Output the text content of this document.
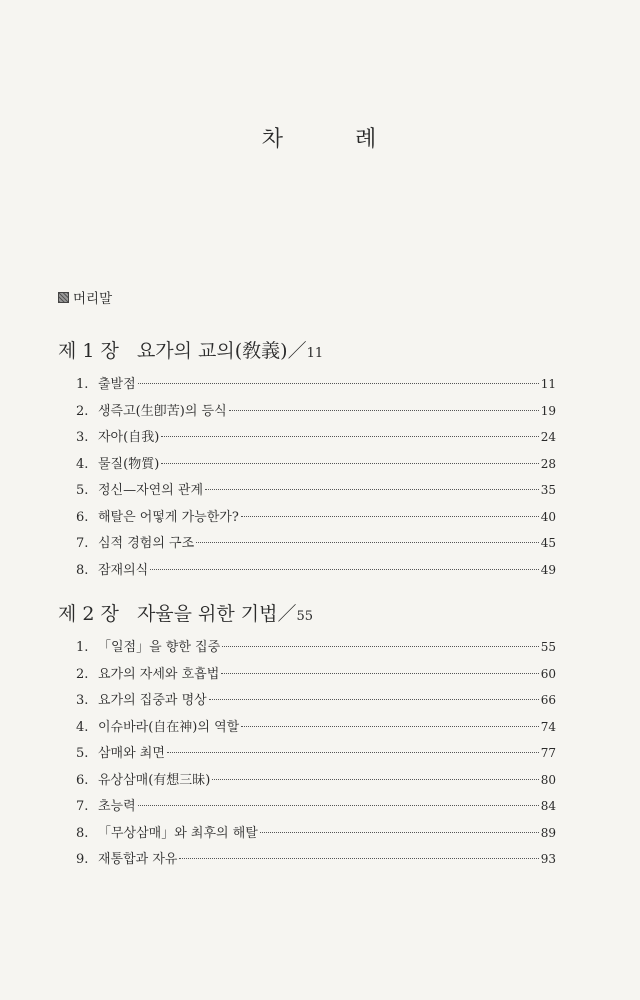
차	례
머리말
제 1 장 요가의 교의(敎義)／11
1. 출발점	11
2. 생즉고(生卽苦)의 등식	19
3. 자아(自我)	24
4. 물질(物質)	28
5. 정신—자연의 관계	35
6. 해탈은 어떻게 가능한가?	40
7. 심적 경험의 구조	45
8. 잠재의식	49
제 2 장 자율을 위한 기법／55
1. 「일점」을 향한 집중	55
2. 요가의 자세와 호흡법	60
3. 요가의 집중과 명상	66
4. 이슈바라(自在神)의 역할	74
5. 삼매와 최면	77
6. 유상삼매(有想三昧)	80
7. 초능력	84
8. 「무상삼매」와 최후의 해탈	89
9. 재통합과 자유	93
